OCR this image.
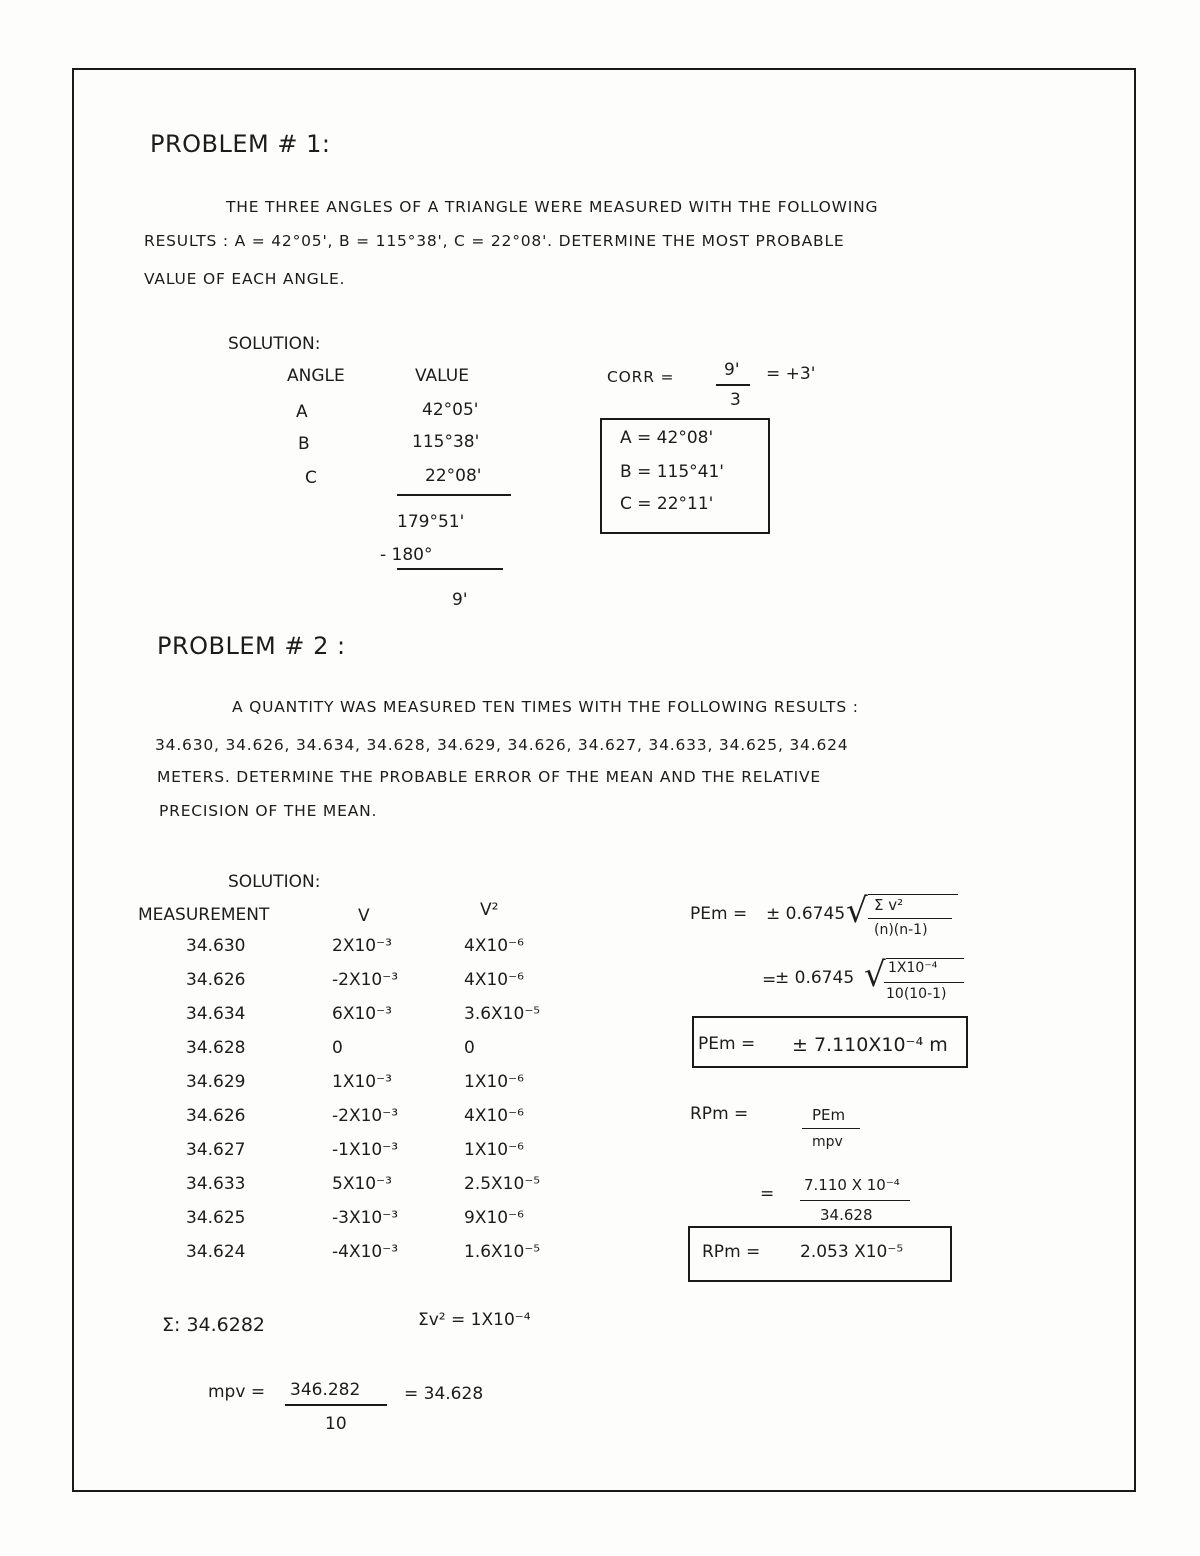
PROBLEM # 1:
THE THREE ANGLES OF A TRIANGLE WERE MEASURED WITH THE FOLLOWING
RESULTS : A = 42°05', B = 115°38', C = 22°08'. DETERMINE THE MOST PROBABLE
VALUE OF EACH ANGLE.
SOLUTION:
ANGLE	VALUE
A	42°05'
B	115°38'
C	22°08'
179°51'
- 180°
9'
CORR =	9'
3
= +3'
A = 42°08'
B = 115°41'
C = 22°11'
PROBLEM # 2 :
A QUANTITY WAS MEASURED TEN TIMES WITH THE FOLLOWING RESULTS :
34.630, 34.626, 34.634, 34.628, 34.629, 34.626, 34.627, 34.633, 34.625, 34.624
METERS. DETERMINE THE PROBABLE ERROR OF THE MEAN AND THE RELATIVE
PRECISION OF THE MEAN.
SOLUTION:
MEASUREMENT	V	V²
34.630	2X10⁻³	4X10⁻⁶
34.626	-2X10⁻³	4X10⁻⁶
34.634	6X10⁻³	3.6X10⁻⁵
34.628	0	0
34.629	1X10⁻³	1X10⁻⁶
34.626	-2X10⁻³	4X10⁻⁶
34.627	-1X10⁻³	1X10⁻⁶
34.633	5X10⁻³	2.5X10⁻⁵
34.625	-3X10⁻³	9X10⁻⁶
34.624	-4X10⁻³	1.6X10⁻⁵
Σ: 34.6282	Σv² = 1X10⁻⁴
mpv = 346.282
10
= 34.628
PEm = ± 0.6745 √ Σ v²
(n)(n-1)
=
± 0.6745 √ 1X10⁻⁴
10(10-1)
PEm = ± 7.110X10⁻⁴ m
RPm =	PEm
mpv
= 7.110 X 10⁻⁴
34.628
RPm = 2.053 X10⁻⁵
